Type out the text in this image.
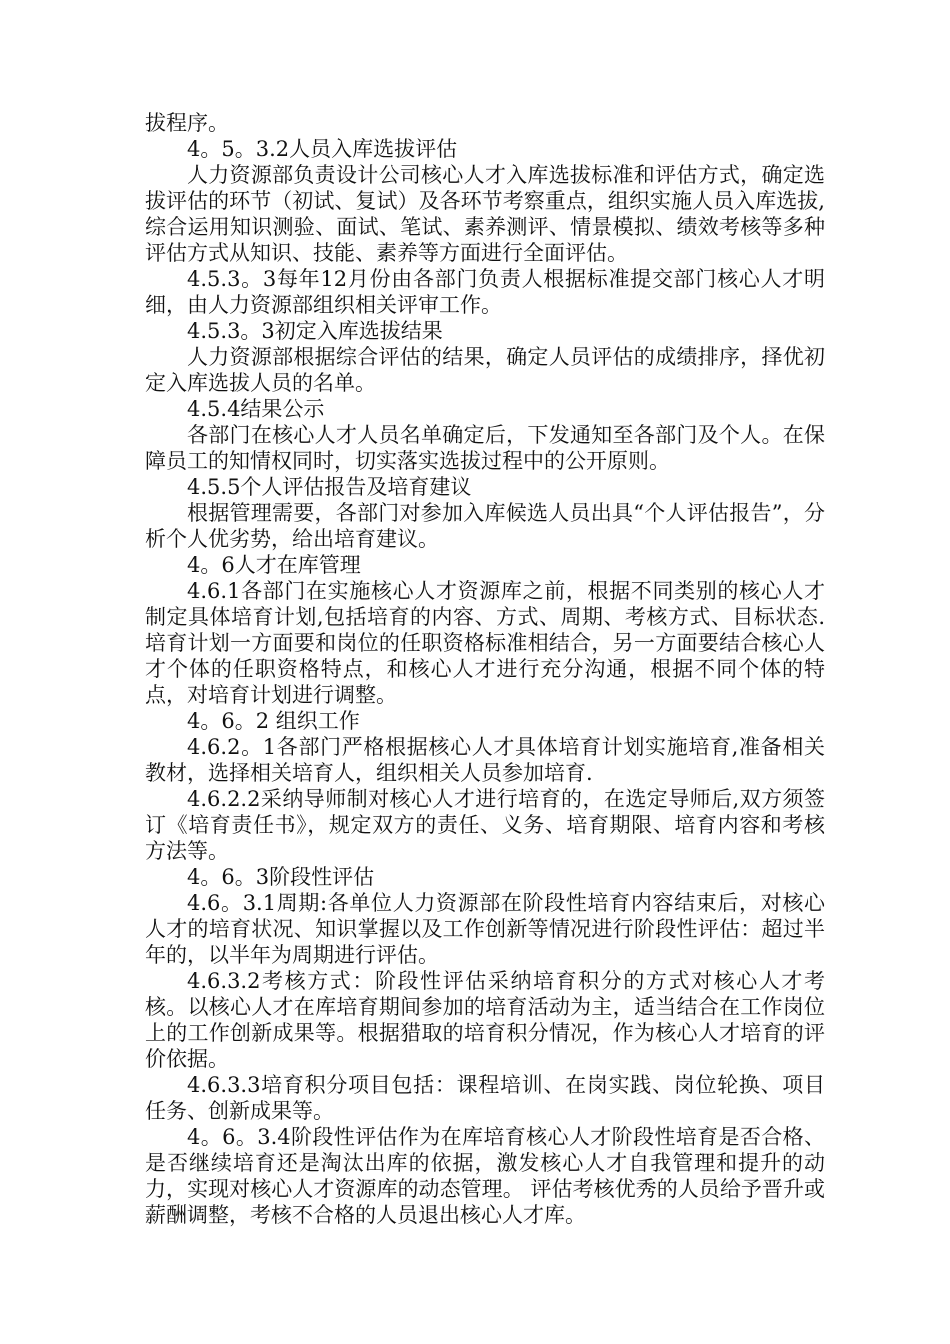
拔程序。

4。5。3.2人员入库选拔评估

人力资源部负责设计公司核心人才入库选拔标准和评估方式，确定选拔评估的环节（初试、复试）及各环节考察重点，组织实施人员入库选拔,综合运用知识测验、面试、笔试、素养测评、情景模拟、绩效考核等多种评估方式从知识、技能、素养等方面进行全面评估。

4.5.3。3每年12月份由各部门负责人根据标准提交部门核心人才明细，由人力资源部组织相关评审工作。

4.5.3。3初定入库选拔结果

人力资源部根据综合评估的结果，确定人员评估的成绩排序，择优初定入库选拔人员的名单。

4.5.4结果公示

各部门在核心人才人员名单确定后，下发通知至各部门及个人。在保障员工的知情权同时，切实落实选拔过程中的公开原则。

4.5.5个人评估报告及培育建议

根据管理需要，各部门对参加入库候选人员出具“个人评估报告”，分析个人优劣势，给出培育建议。

4。6人才在库管理

4.6.1各部门在实施核心人才资源库之前，根据不同类别的核心人才制定具体培育计划,包括培育的内容、方式、周期、考核方式、目标状态.培育计划一方面要和岗位的任职资格标准相结合，另一方面要结合核心人才个体的任职资格特点，和核心人才进行充分沟通，根据不同个体的特点，对培育计划进行调整。

4。6。2 组织工作

4.6.2。1各部门严格根据核心人才具体培育计划实施培育,准备相关教材，选择相关培育人，组织相关人员参加培育.

4.6.2.2采纳导师制对核心人才进行培育的，在选定导师后,双方须签订《培育责任书》，规定双方的责任、义务、培育期限、培育内容和考核方法等。

4。6。3阶段性评估

4.6。3.1周期:各单位人力资源部在阶段性培育内容结束后，对核心人才的培育状况、知识掌握以及工作创新等情况进行阶段性评估：超过半年的，以半年为周期进行评估。

4.6.3.2考核方式：阶段性评估采纳培育积分的方式对核心人才考核。以核心人才在库培育期间参加的培育活动为主，适当结合在工作岗位上的工作创新成果等。根据猎取的培育积分情况，作为核心人才培育的评价依据。

4.6.3.3培育积分项目包括：课程培训、在岗实践、岗位轮换、项目任务、创新成果等。

4。6。3.4阶段性评估作为在库培育核心人才阶段性培育是否合格、是否继续培育还是淘汰出库的依据，激发核心人才自我管理和提升的动力，实现对核心人才资源库的动态管理。 评估考核优秀的人员给予晋升或薪酬调整，考核不合格的人员退出核心人才库。
